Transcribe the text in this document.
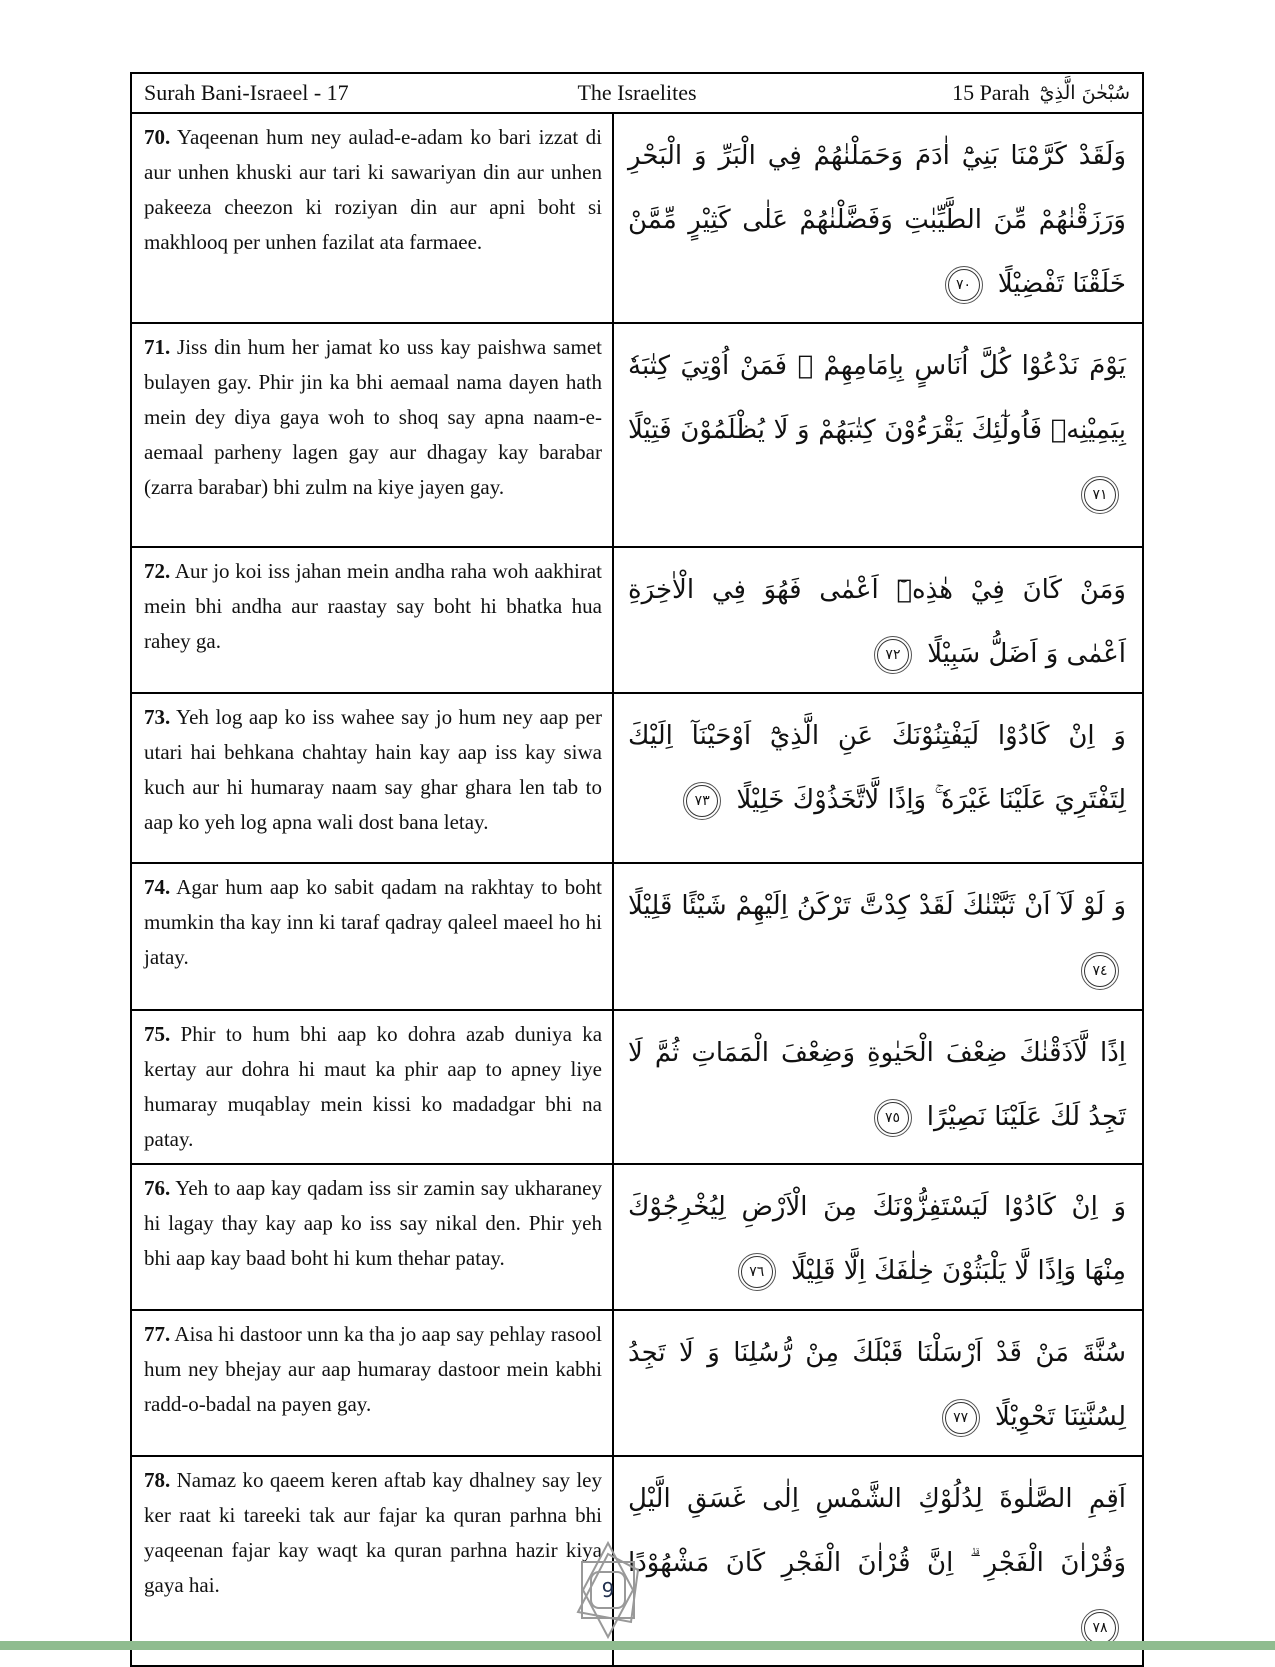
Surah Bani-Israeel - 17	The Israelites	15 Parah سُبْحٰنَ الَّذِيْٓ
70. Yaqeenan hum ney aulad-e-adam ko bari izzat di aur unhen khuski aur tari ki sawariyan din aur unhen pakeeza cheezon ki roziyan din aur apni boht si makhlooq per unhen fazilat ata farmaee.
وَلَقَدْ كَرَّمْنَا بَنِيْٓ اٰدَمَ وَحَمَلْنٰهُمْ فِي الْبَرِّ وَ الْبَحْرِ وَرَزَقْنٰهُمْ مِّنَ الطَّيِّبٰتِ وَفَضَّلْنٰهُمْ عَلٰى كَثِيْرٍ مِّمَّنْ خَلَقْنَا تَفْضِيْلًا ٧٠
71. Jiss din hum her jamat ko uss kay paishwa samet bulayen gay. Phir jin ka bhi aemaal nama dayen hath mein dey diya gaya woh to shoq say apna naam-e-aemaal parheny lagen gay aur dhagay kay barabar (zarra barabar) bhi zulm na kiye jayen gay.
يَوْمَ نَدْعُوْا كُلَّ اُنَاسٍ بِاِمَامِهِمْ ۚ فَمَنْ اُوْتِيَ كِتٰبَهٗ بِيَمِيْنِهٖ فَاُولٰٓئِكَ يَقْرَءُوْنَ كِتٰبَهُمْ وَ لَا يُظْلَمُوْنَ فَتِيْلًا ٧١
72. Aur jo koi iss jahan mein andha raha woh aakhirat mein bhi andha aur raastay say boht hi bhatka hua rahey ga.
وَمَنْ كَانَ فِيْ هٰذِهٖٓ اَعْمٰى فَهُوَ فِي الْاٰخِرَةِ اَعْمٰى وَ اَضَلُّ سَبِيْلًا ٧٢
73. Yeh log aap ko iss wahee say jo hum ney aap per utari hai behkana chahtay hain kay aap iss kay siwa kuch aur hi humaray naam say ghar ghara len tab to aap ko yeh log apna wali dost bana letay.
وَ اِنْ كَادُوْا لَيَفْتِنُوْنَكَ عَنِ الَّذِيْٓ اَوْحَيْنَآ اِلَيْكَ لِتَفْتَرِيَ عَلَيْنَا غَيْرَهٗ ۚ وَاِذًا لَّاتَّخَذُوْكَ خَلِيْلًا ٧٣
74. Agar hum aap ko sabit qadam na rakhtay to boht mumkin tha kay inn ki taraf qadray qaleel maeel ho hi jatay.
وَ لَوْ لَآ اَنْ ثَبَّتْنٰكَ لَقَدْ كِدْتَّ تَرْكَنُ اِلَيْهِمْ شَيْئًا قَلِيْلًا ٧٤
75. Phir to hum bhi aap ko dohra azab duniya ka kertay aur dohra hi maut ka phir aap to apney liye humaray muqablay mein kissi ko madadgar bhi na patay.
اِذًا لَّاَذَقْنٰكَ ضِعْفَ الْحَيٰوةِ وَضِعْفَ الْمَمَاتِ ثُمَّ لَا تَجِدُ لَكَ عَلَيْنَا نَصِيْرًا ٧٥
76. Yeh to aap kay qadam iss sir zamin say ukharaney hi lagay thay kay aap ko iss say nikal den. Phir yeh bhi aap kay baad boht hi kum thehar patay.
وَ اِنْ كَادُوْا لَيَسْتَفِزُّوْنَكَ مِنَ الْاَرْضِ لِيُخْرِجُوْكَ مِنْهَا وَاِذًا لَّا يَلْبَثُوْنَ خِلٰفَكَ اِلَّا قَلِيْلًا ٧٦
77. Aisa hi dastoor unn ka tha jo aap say pehlay rasool hum ney bhejay aur aap humaray dastoor mein kabhi radd-o-badal na payen gay.
سُنَّةَ مَنْ قَدْ اَرْسَلْنَا قَبْلَكَ مِنْ رُّسُلِنَا وَ لَا تَجِدُ لِسُنَّتِنَا تَحْوِيْلًا ٧٧
78. Namaz ko qaeem keren aftab kay dhalney say ley ker raat ki tareeki tak aur fajar ka quran parhna bhi yaqeenan fajar kay waqt ka quran parhna hazir kiya gaya hai.
اَقِمِ الصَّلٰوةَ لِدُلُوْكِ الشَّمْسِ اِلٰى غَسَقِ الَّيْلِ وَقُرْاٰنَ الْفَجْرِ ۗ اِنَّ قُرْاٰنَ الْفَجْرِ كَانَ مَشْهُوْدًا ٧٨
9
